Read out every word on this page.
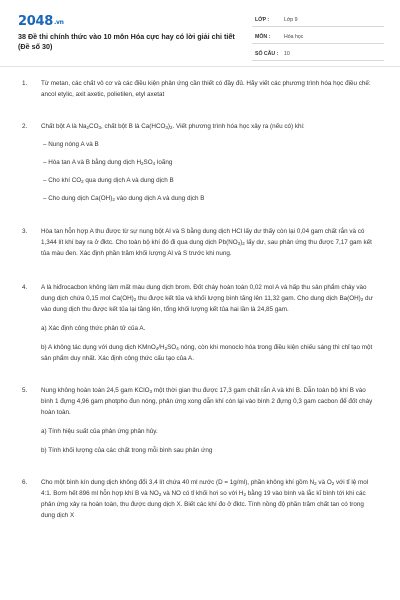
2048.vn
38 Đề thi chính thức vào 10 môn Hóa cực hay có lời giải chi tiết (Đề số 30)
LỚP :	Lớp 9
MÔN :	Hóa học
SỐ CÂU : 10
1. Từ metan, các chất vô cơ và các điều kiện phản ứng cần thiết có đầy đủ. Hãy viết các phương trình hóa học điều chế: ancol etylic, axit axetic, polietilen, etyl axetat

2. Chất bột A là $Na_2CO_3$, chất bột B là $Ca(HCO_3)_2$. Viết phương trình hóa học xảy ra (nếu có) khi:

– Nung nóng A và B

– Hòa tan A và B bằng dung dịch $H_2SO_4$ loãng

– Cho khí $CO_2$ qua dung dịch A và dung dịch B

– Cho dung dịch $Ca(OH)_2$ vào dung dịch A và dung dịch B

3. Hòa tan hỗn hợp A thu được từ sự nung bột Al và S bằng dung dịch HCl lấy dư thấy còn lại 0,04 gam chất rắn và có 1,344 lít khí bay ra ở đktc. Cho toàn bộ khí đó đi qua dung dịch $Pb(NO_3)_2$ lấy dư, sau phản ứng thu được 7,17 gam kết tủa màu đen. Xác định phần trăm khối lượng Al và S trước khi nung.

4. A là hiđrocacbon không làm mất màu dung dịch brom. Đốt cháy hoàn toàn 0,02 mol A và hấp thu sản phẩm cháy vào dung dịch chứa 0,15 mol $Ca(OH)_2$ thu được kết tủa và khối lượng bình tăng lên 11,32 gam. Cho dung dịch $Ba(OH)_2$ dư vào dung dịch thu được kết tủa lại tăng lên, tổng khối lượng kết tủa hai lần là 24,85 gam.

a) Xác định công thức phân tử của A.

b) A không tác dụng với dung dịch $KMnO_4/H_2SO_4$ nóng, còn khi monoclo hóa trong điều kiện chiếu sáng thì chỉ tạo một sản phẩm duy nhất. Xác định công thức cấu tạo của A.

5. Nung không hoàn toàn 24,5 gam KClO$_3$ một thời gian thu được 17,3 gam chất rắn A và khí B. Dẫn toàn bộ khí B vào bình 1 đựng 4,96 gam photpho đun nóng, phản ứng xong dẫn khí còn lại vào bình 2 đựng 0,3 gam cacbon để đốt cháy hoàn toàn.

a) Tính hiệu suất của phản ứng phân hủy.

b) Tính khối lượng của các chất trong mỗi bình sau phản ứng

6. Cho một bình kín dung dịch không đổi 3,4 lít chứa 40 ml nước (D = 1g/ml), phần không khí gồm $N_2$ và $O_2$ với tỉ lệ mol 4:1. Bơm hết 896 ml hỗn hợp khí B và $NO_2$ và NO có tỉ khối hơi so với $H_2$ bằng 19 vào bình và lắc kĩ bình tới khi các phản ứng xảy ra hoàn toàn, thu được dung dịch X. Biết các khí đo ở đktc. Tính nồng độ phần trăm chất tan có trong dung dịch X
